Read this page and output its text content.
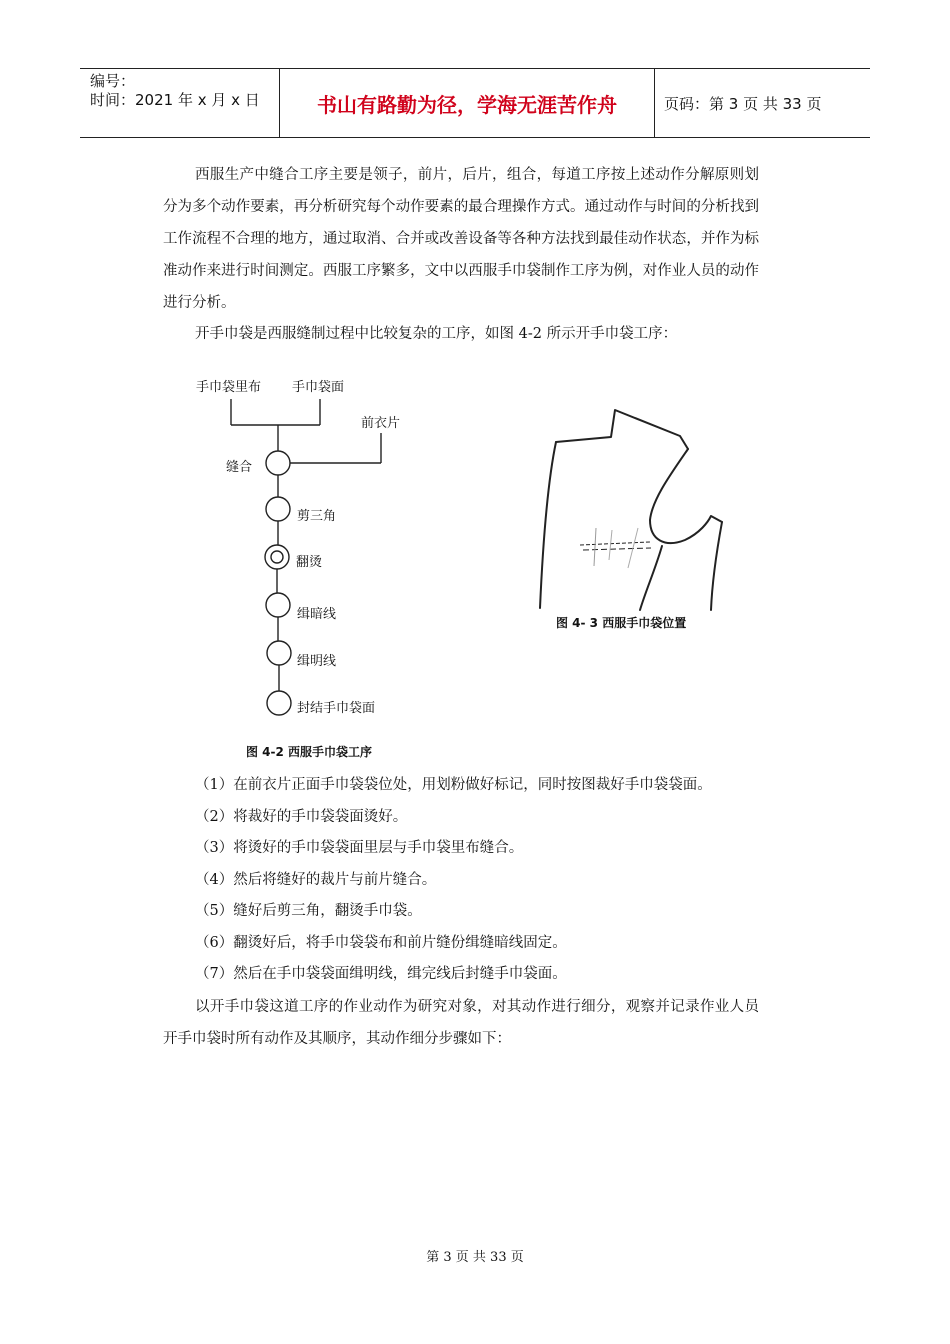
编号：
时间：2021 年 x 月 x 日	书山有路勤为径，学海无涯苦作舟	页码：第 3 页 共 33 页
西服生产中缝合工序主要是领子，前片，后片，组合，每道工序按上述动作分解原则划分为多个动作要素，再分析研究每个动作要素的最合理操作方式。通过动作与时间的分析找到工作流程不合理的地方，通过取消、合并或改善设备等各种方法找到最佳动作状态，并作为标准动作来进行时间测定。西服工序繁多，文中以西服手巾袋制作工序为例，对作业人员的动作进行分析。
开手巾袋是西服缝制过程中比较复杂的工序，如图 4-2 所示开手巾袋工序：
手巾袋里布 手巾袋面
前衣片
缝合
剪三角
翻烫
缉暗线
缉明线
封结手巾袋面
图 4-2 西服手巾袋工序
图 4- 3 西服手巾袋位置
（1）在前衣片正面手巾袋袋位处，用划粉做好标记，同时按图裁好手巾袋袋面。
（2）将裁好的手巾袋袋面烫好。
（3）将烫好的手巾袋袋面里层与手巾袋里布缝合。
（4）然后将缝好的裁片与前片缝合。
（5）缝好后剪三角，翻烫手巾袋。
（6）翻烫好后，将手巾袋袋布和前片缝份缉缝暗线固定。
（7）然后在手巾袋袋面缉明线，缉完线后封缝手巾袋面。
以开手巾袋这道工序的作业动作为研究对象，对其动作进行细分，观察并记录作业人员开手巾袋时所有动作及其顺序，其动作细分步骤如下：
第 3 页 共 33 页
